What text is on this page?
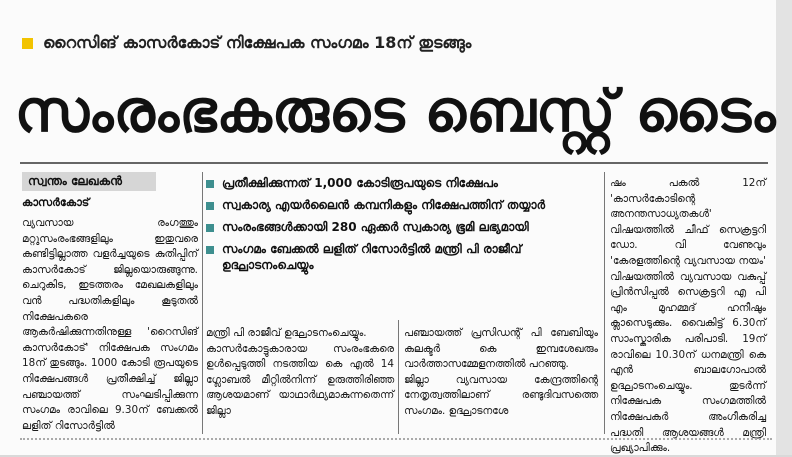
റൈസിങ് കാസർകോട് നിക്ഷേപക സംഗമം 18ന് തുടങ്ങും
സംരംഭകരുടെ ബെസ്റ്റ് ടൈം
സ്വന്തം ലേഖകൻ
കാസർകോട്

വ്യവസായ രംഗത്തും മറ്റുസംരംഭങ്ങളിലും ഇതുവരെ കണ്ടിട്ടില്ലാത്ത വളർച്ചയുടെ കുതിപ്പിന് കാസർകോട് ജില്ലയൊരുങ്ങുന്നു. ചെറുകിട, ഇടത്തരം മേഖലകളിലും വൻ പദ്ധതികളിലും കൂടുതൽ നിക്ഷേപകരെ ആകർഷിക്കുന്നതിനുള്ള 'റൈസിങ് കാസർകോട്' നിക്ഷേപക സംഗമം 18ന് തുടങ്ങും. 1000 കോടി രൂപയുടെ നിക്ഷേപങ്ങൾ പ്രതീക്ഷിച്ച് ജില്ലാ പഞ്ചായത്ത് സംഘടിപ്പിക്കുന്ന സംഗമം രാവിലെ 9.30ന് ബേക്കൽ ലളിത് റിസോർട്ടിൽ

പ്രതീക്ഷിക്കുന്നത് 1,000 കോടിരൂപയുടെ നിക്ഷേപം
സ്വകാര്യ എയർലൈൻ കമ്പനികളും നിക്ഷേപത്തിന് തയ്യാർ
സംരംഭങ്ങൾക്കായി 280 ഏക്കർ സ്വകാര്യ ഭൂമി ലഭ്യമായി
സംഗമം ബേക്കൽ ലളിത് റിസോർട്ടിൽ മന്ത്രി പി രാജീവ് ഉദ്ഘാടനംചെയ്യും

മന്ത്രി പി രാജീവ് ഉദ്ഘാടനംചെയ്യും.

കാസർകോട്ടുകാരായ സംരംഭകരെ ഉൾപ്പെടുത്തി നടത്തിയ കെ എൽ 14 ഗ്ലോബൽ മീറ്റിൽനിന്ന് ഉരുത്തിരിഞ്ഞ ആശയമാണ് യാഥാർഥ്യമാകുന്നതെന്ന് ജില്ലാ

പഞ്ചായത്ത് പ്രസിഡന്റ് പി ബേബിയും കലക്ടർ കെ ഇമ്പശേഖരും വാർത്താസമ്മേളനത്തിൽ പറഞ്ഞു.

ജില്ലാ വ്യവസായ കേന്ദ്രത്തിന്റെ നേതൃത്വത്തിലാണ് രണ്ടുദിവസത്തെ സംഗമം. ഉദ്ഘാടനശേ

ഷം പകൽ 12ന് 'കാസർകോടിന്റെ അനന്തസാധ്യതകൾ' വിഷയത്തിൽ ചീഫ് സെക്രട്ടറി ഡോ. വി വേണുവും 'കേരളത്തിന്റെ വ്യവസായ നയം' വിഷയത്തിൽ വ്യവസായ വകുപ്പ് പ്രിൻസിപ്പൽ സെക്രട്ടറി എ പി എം മുഹമ്മദ് ഹനീഷും ക്ലാസെടുക്കും. വൈകിട്ട് 6.30ന് സാംസ്കാരിക പരിപാടി. 19ന് രാവിലെ 10.30ന് ധനമന്ത്രി കെ എൻ ബാലഗോപാൽ ഉദ്ഘാടനംചെയ്യും. തുടർന്ന് നിക്ഷേപക സംഗമത്തിൽ നിക്ഷേപകർ അംഗീകരിച്ച പദ്ധതി ആശയങ്ങൾ മന്ത്രി പ്രഖ്യാപിക്കും.
